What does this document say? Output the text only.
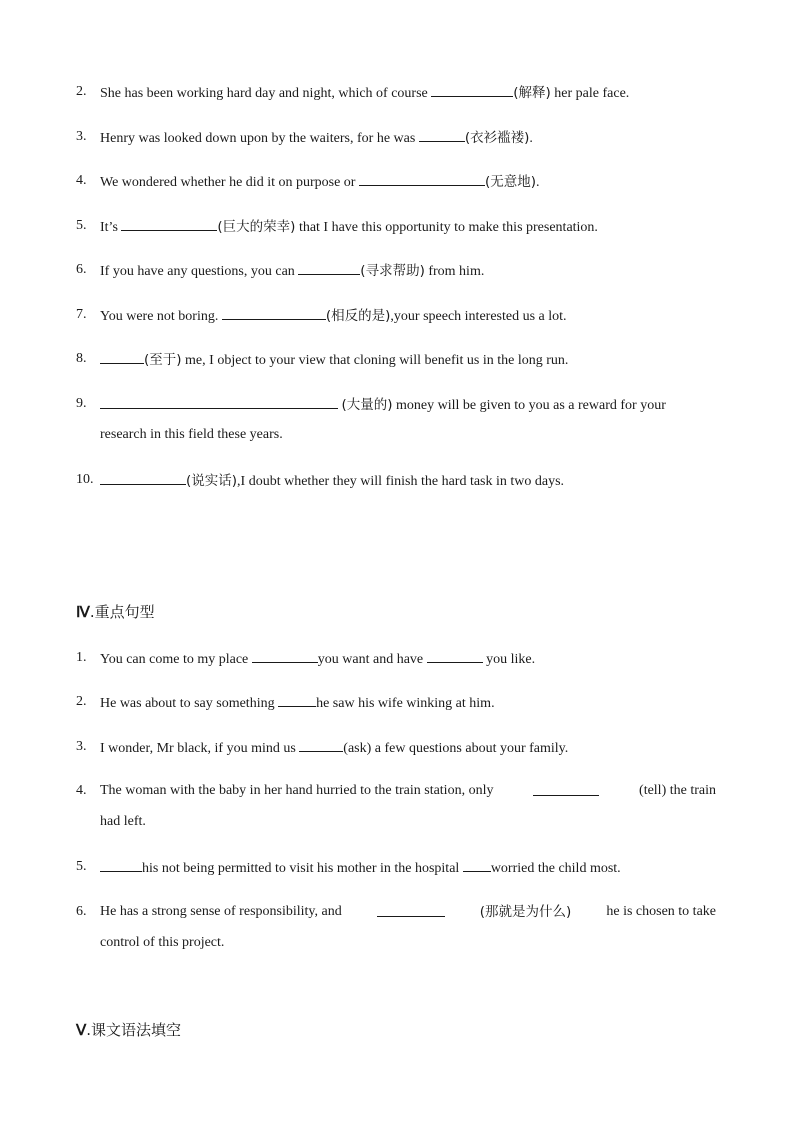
2. She has been working hard day and night, which of course	(解释) her pale face.
3. Henry was looked down upon by the waiters, for he was	(衣衫褴褛).
4. We wondered whether he did it on purpose or	(无意地).
5. It’s	(巨大的荣幸) that I have this opportunity to make this presentation.
6. If you have any questions, you can	(寻求帮助) from him.
7. You were not boring.	(相反的是),your speech interested us a lot.
8.	(至于) me, I object to your view that cloning will benefit us in the long run.
9.	(大量的) money will be given to you as a reward for your
research in this field these years.
10.	(说实话),I doubt whether they will finish the hard task in two days.
Ⅳ.重点句型
1. You can come to my place	you want and have	you like.
2. He was about to say something	he saw his wife winking at him.
3. I wonder, Mr black, if you mind us	(ask) a few questions about your family.
4. The woman with the baby in her hand hurried to the train station, only	(tell) the train
had left.
5.	his not being permitted to visit his mother in the hospital worried the child most.
6. He has a strong sense of responsibility, and	(那就是为什么)	he is chosen to take
control of this project.
Ⅴ.课文语法填空
